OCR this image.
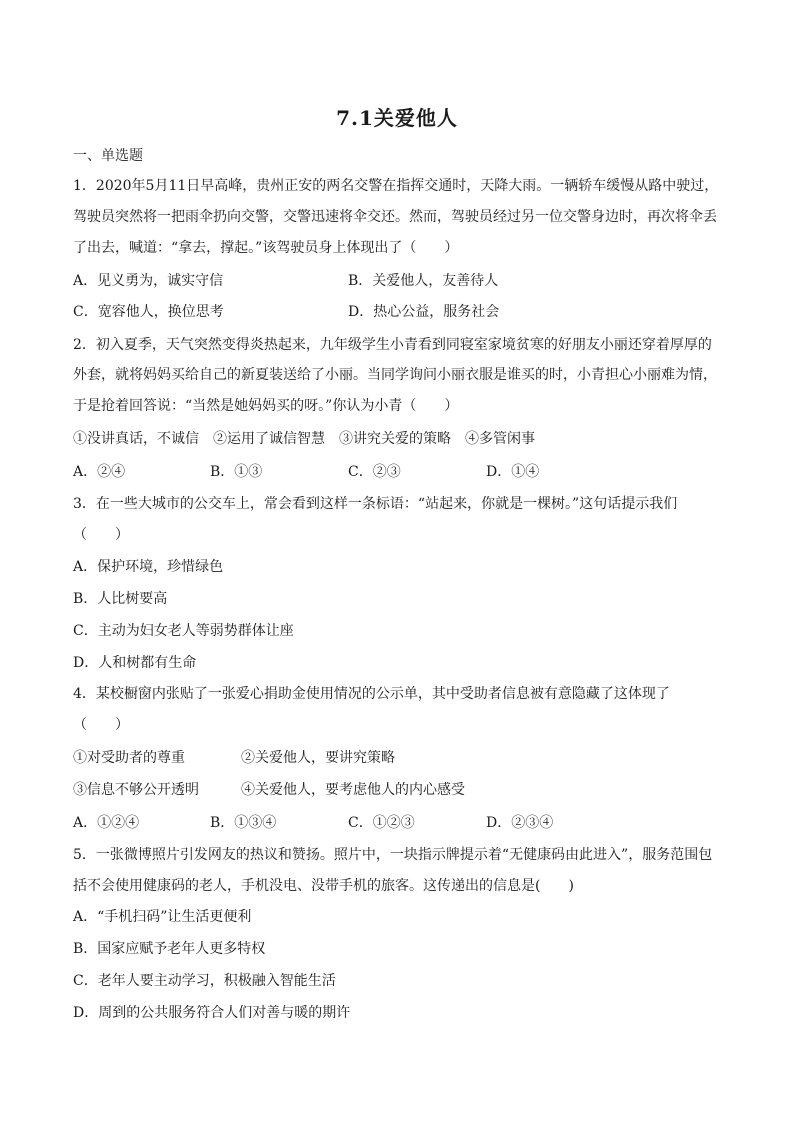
7.1关爱他人
一、单选题
1．2020年5月11日早高峰，贵州正安的两名交警在指挥交通时，天降大雨。一辆轿车缓慢从路中驶过，
驾驶员突然将一把雨伞扔向交警，交警迅速将伞交还。然而，驾驶员经过另一位交警身边时，再次将伞丢
了出去，喊道：“拿去，撑起。”该驾驶员身上体现出了（　　）
A．见义勇为，诚实守信	B．关爱他人，友善待人
C．宽容他人，换位思考	D．热心公益，服务社会
2．初入夏季，天气突然变得炎热起来，九年级学生小青看到同寝室家境贫寒的好朋友小丽还穿着厚厚的
外套，就将妈妈买给自己的新夏装送给了小丽。当同学询问小丽衣服是谁买的时，小青担心小丽难为情，
于是抢着回答说：“当然是她妈妈买的呀。”你认为小青（　　）
①没讲真话，不诚信　②运用了诚信智慧　③讲究关爱的策略　④多管闲事
A．②④	B．①③	C．②③	D．①④
3．在一些大城市的公交车上，常会看到这样一条标语：“站起来，你就是一棵树。”这句话提示我们
（　　）
A．保护环境，珍惜绿色
B．人比树要高
C．主动为妇女老人等弱势群体让座
D．人和树都有生命
4．某校橱窗内张贴了一张爱心捐助金使用情况的公示单，其中受助者信息被有意隐藏了这体现了
（　　）
①对受助者的尊重	②关爱他人，要讲究策略
③信息不够公开透明	④关爱他人，要考虑他人的内心感受
A．①②④	B．①③④	C．①②③	D．②③④
5．一张微博照片引发网友的热议和赞扬。照片中，一块指示牌提示着“无健康码由此进入”，服务范围包
括不会使用健康码的老人，手机没电、没带手机的旅客。这传递出的信息是(　　)
A．“手机扫码”让生活更便利
B．国家应赋予老年人更多特权
C．老年人要主动学习，积极融入智能生活
D．周到的公共服务符合人们对善与暖的期许
